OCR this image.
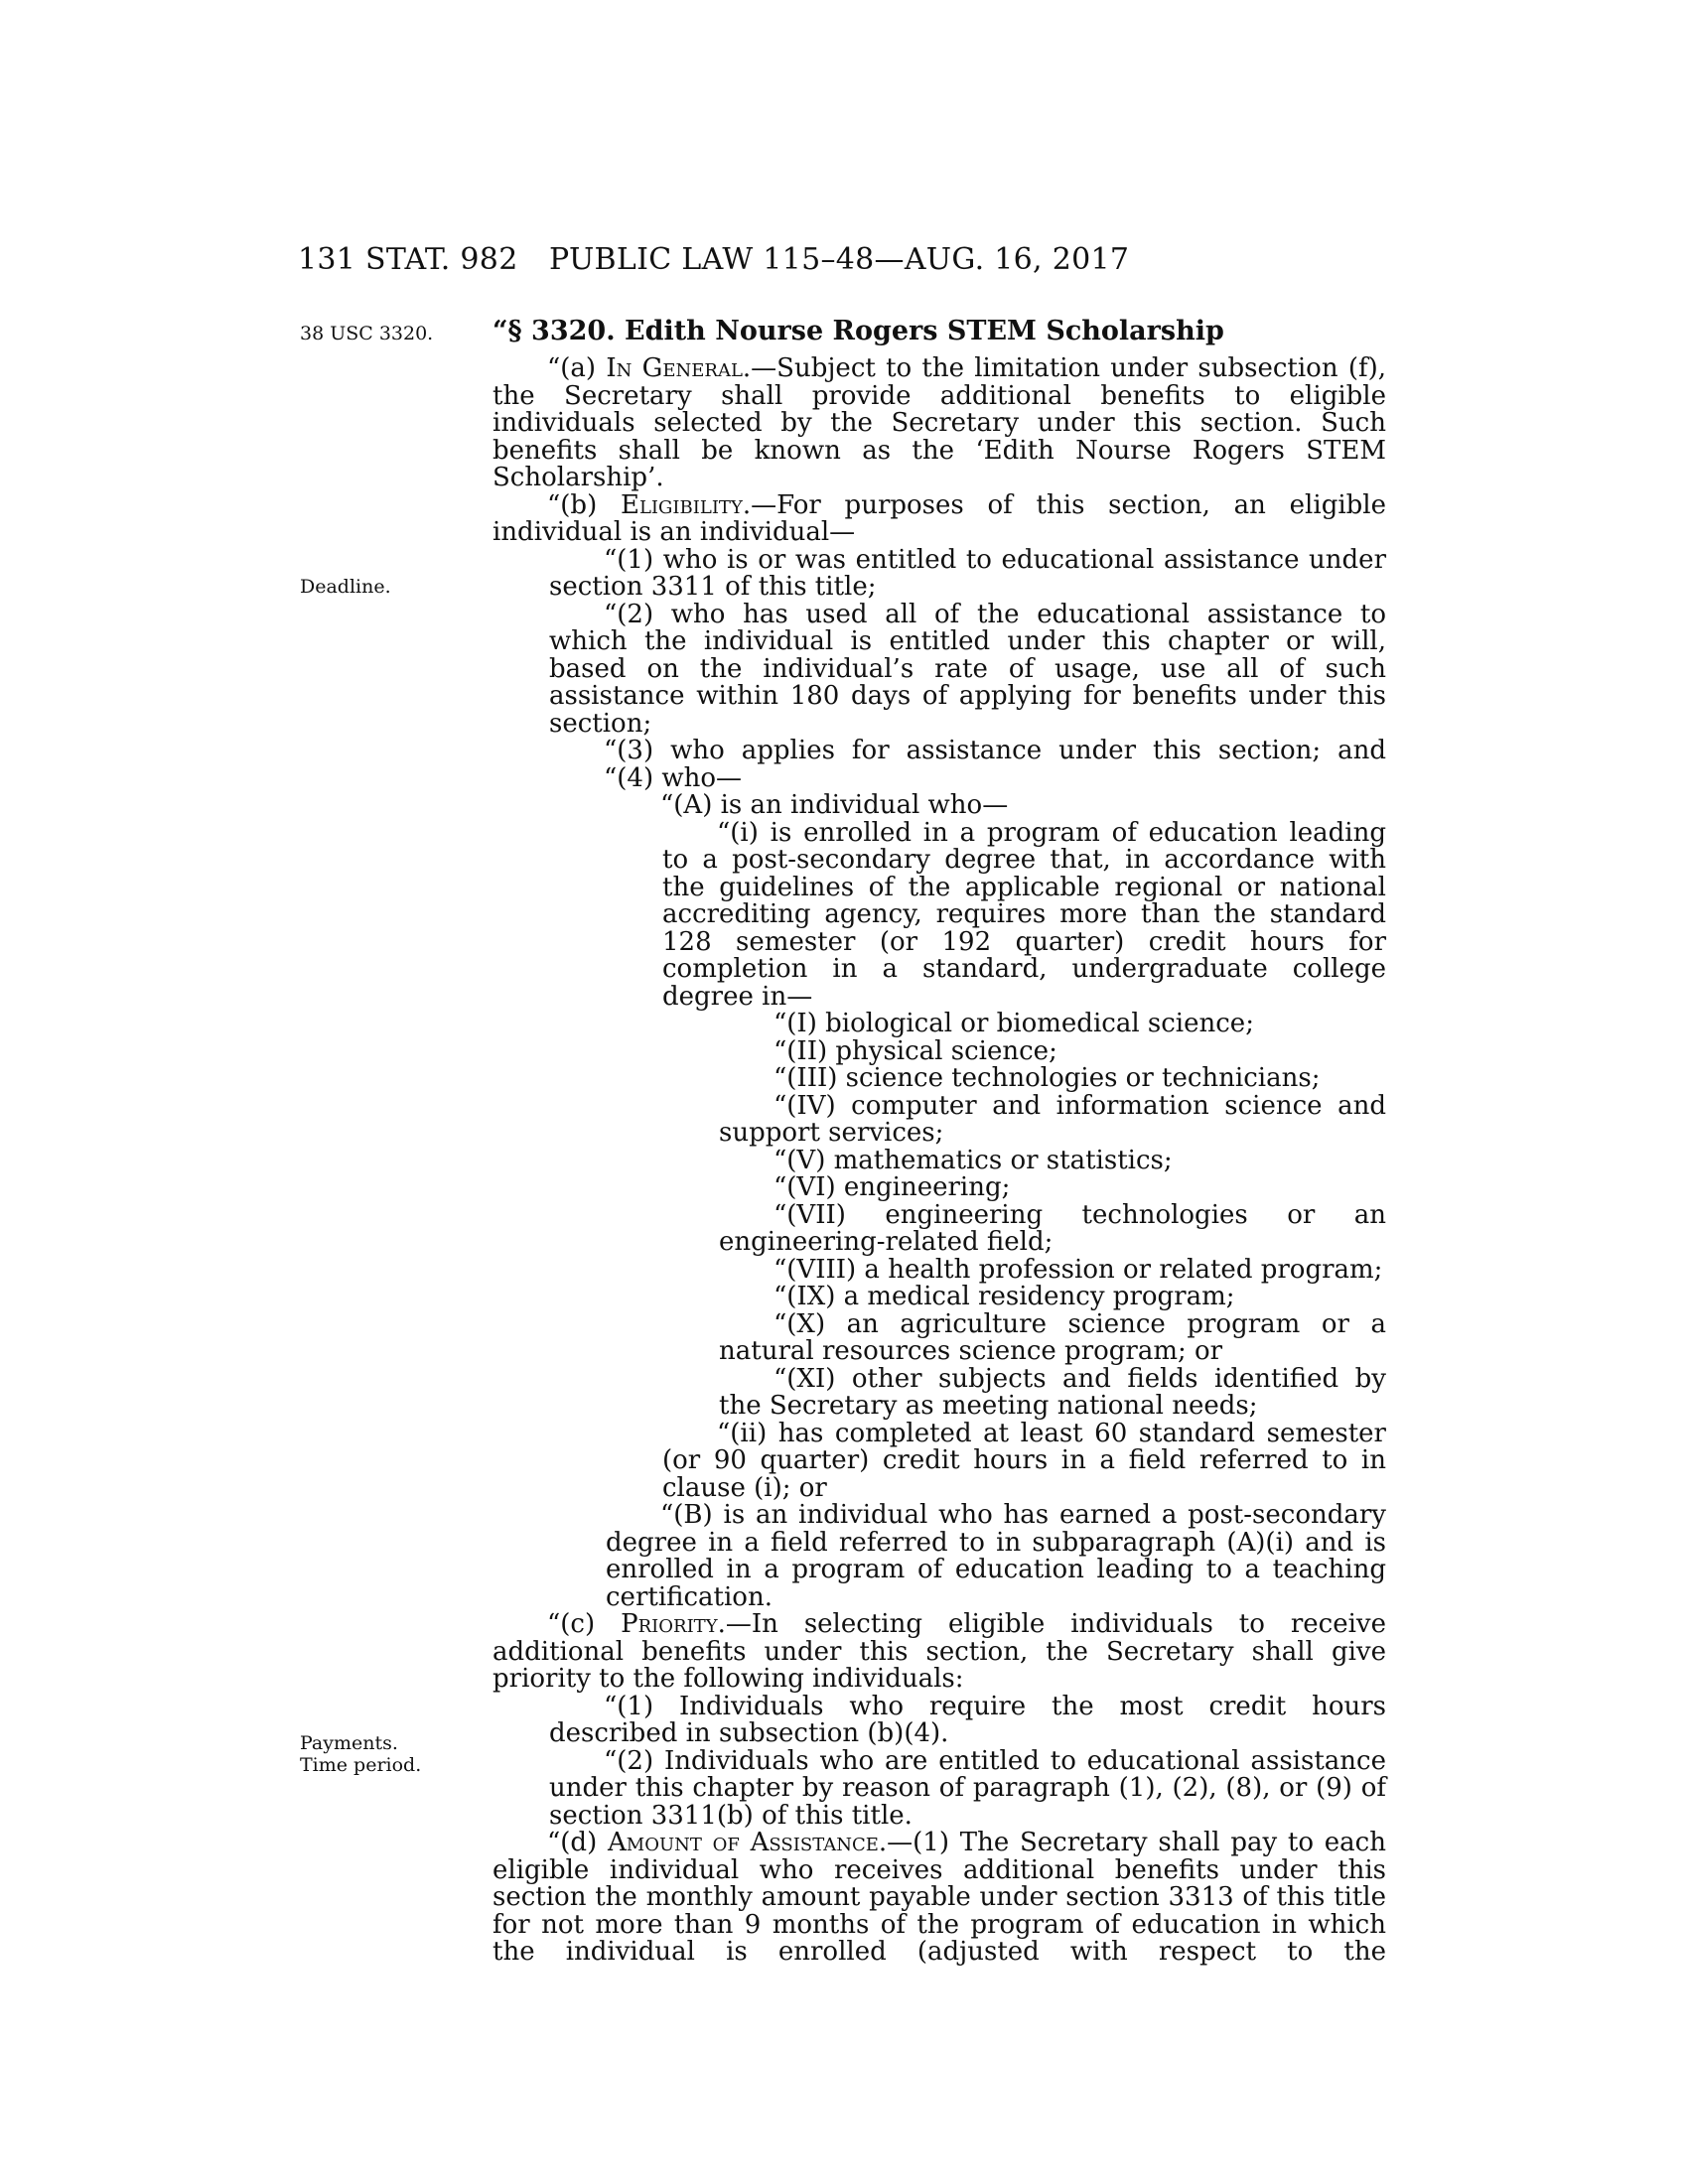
131 STAT. 982 PUBLIC LAW 115–48—AUG. 16, 2017
38 USC 3320.
Deadline.
Payments.
Time period.
“§ 3320. Edith Nourse Rogers STEM Scholarship

“(a) In General.—Subject to the limitation under subsection (f), the Secretary shall provide additional benefits to eligible individuals selected by the Secretary under this section. Such benefits shall be known as the ‘Edith Nourse Rogers STEM Scholarship’.

“(b) Eligibility.—For purposes of this section, an eligible individual is an individual—

“(1) who is or was entitled to educational assistance under section 3311 of this title;

“(2) who has used all of the educational assistance to which the individual is entitled under this chapter or will, based on the individual’s rate of usage, use all of such assistance within 180 days of applying for benefits under this section;

“(3) who applies for assistance under this section; and

“(4) who—

“(A) is an individual who—

“(i) is enrolled in a program of education leading to a post-secondary degree that, in accordance with the guidelines of the applicable regional or national accrediting agency, requires more than the standard 128 semester (or 192 quarter) credit hours for completion in a standard, undergraduate college degree in—

“(I) biological or biomedical science;

“(II) physical science;

“(III) science technologies or technicians;

“(IV) computer and information science and support services;

“(V) mathematics or statistics;

“(VI) engineering;

“(VII) engineering technologies or an engineering-related field;

“(VIII) a health profession or related program;

“(IX) a medical residency program;

“(X) an agriculture science program or a natural resources science program; or

“(XI) other subjects and fields identified by the Secretary as meeting national needs;

“(ii) has completed at least 60 standard semester (or 90 quarter) credit hours in a field referred to in clause (i); or

“(B) is an individual who has earned a post-secondary degree in a field referred to in subparagraph (A)(i) and is enrolled in a program of education leading to a teaching certification.

“(c) Priority.—In selecting eligible individuals to receive additional benefits under this section, the Secretary shall give priority to the following individuals:

“(1) Individuals who require the most credit hours described in subsection (b)(4).

“(2) Individuals who are entitled to educational assistance under this chapter by reason of paragraph (1), (2), (8), or (9) of section 3311(b) of this title.

“(d) Amount of Assistance.—(1) The Secretary shall pay to each eligible individual who receives additional benefits under this section the monthly amount payable under section 3313 of this title for not more than 9 months of the program of education in which the individual is enrolled (adjusted with respect to the
